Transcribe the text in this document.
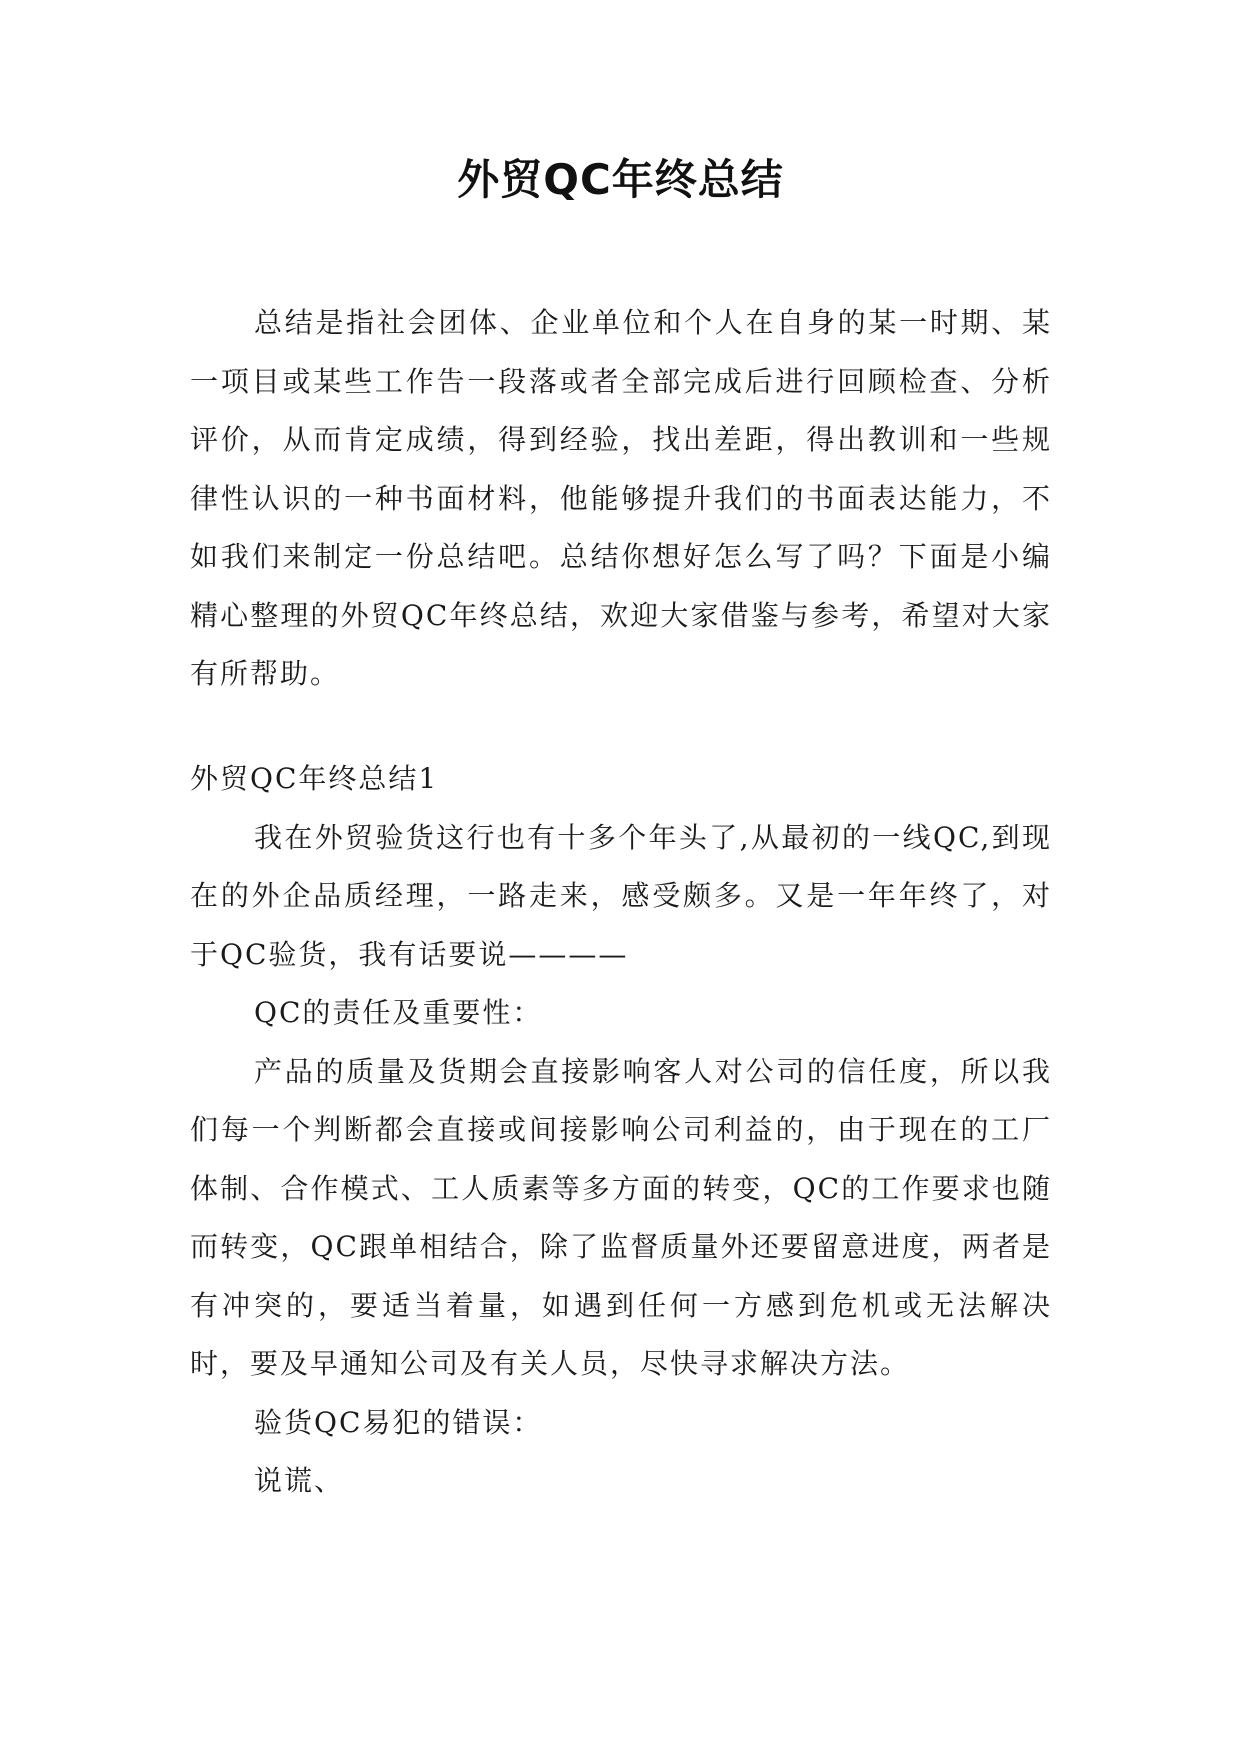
外贸QC年终总结

总结是指社会团体、企业单位和个人在自身的某一时期、某一项目或某些工作告一段落或者全部完成后进行回顾检查、分析评价，从而肯定成绩，得到经验，找出差距，得出教训和一些规律性认识的一种书面材料，他能够提升我们的书面表达能力，不如我们来制定一份总结吧。总结你想好怎么写了吗？下面是小编精心整理的外贸QC年终总结，欢迎大家借鉴与参考，希望对大家有所帮助。

外贸QC年终总结1

我在外贸验货这行也有十多个年头了,从最初的一线QC,到现在的外企品质经理，一路走来，感受颇多。又是一年年终了，对于QC验货，我有话要说————

QC的责任及重要性：

产品的质量及货期会直接影响客人对公司的信任度，所以我们每一个判断都会直接或间接影响公司利益的，由于现在的工厂体制、合作模式、工人质素等多方面的转变，QC的工作要求也随而转变，QC跟单相结合，除了监督质量外还要留意进度，两者是有冲突的，要适当着量，如遇到任何一方感到危机或无法解决时，要及早通知公司及有关人员，尽快寻求解决方法。

验货QC易犯的错误：

说谎、
